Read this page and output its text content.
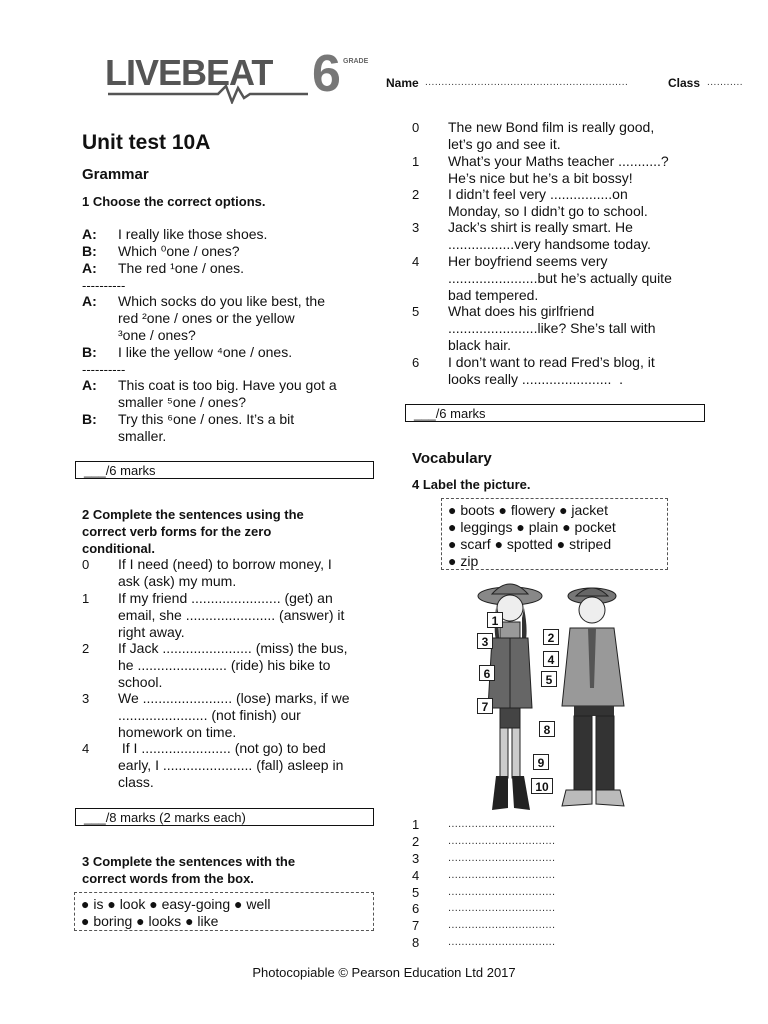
LIVEBEAT 6 GRADE
Name ..............................................................	Class ...........
Unit test 10A
Grammar
1 Choose the correct options.
A: I really like those shoes.
B: Which ⁰one / ones?
A: The red ¹one / ones.
----------
A: Which socks do you like best, the
red ²one / ones or the yellow
³one / ones?
B: I like the yellow ⁴one / ones.
----------
A: This coat is too big. Have you got a
smaller ⁵one / ones?
B: Try this ⁶one / ones. It’s a bit
smaller.
___/6 marks
2 Complete the sentences using the
correct verb forms for the zero
conditional.
0 If I need (need) to borrow money, I
ask (ask) my mum.
1 If my friend ....................... (get) an
email, she ....................... (answer) it
right away.
2 If Jack ....................... (miss) the bus,
he ....................... (ride) his bike to
school.
3 We ....................... (lose) marks, if we
....................... (not finish) our
homework on time.
4 If I ....................... (not go) to bed
early, I ....................... (fall) asleep in
class.
___/8 marks (2 marks each)
3 Complete the sentences with the
correct words from the box.
● is ● look ● easy-going ● well
● boring ● looks ● like
0 The new Bond film is really good,
let’s go and see it.
1 What’s your Maths teacher ...........?
He’s nice but he’s a bit bossy!
2 I didn’t feel very ................on
Monday, so I didn’t go to school.
3 Jack’s shirt is really smart. He
.................very handsome today.
4 Her boyfriend seems very
.......................but he’s actually quite
bad tempered.
5 What does his girlfriend
.......................like? She’s tall with
black hair.
6 I don’t want to read Fred’s blog, it
looks really .......................  .
___/6 marks
Vocabulary
4 Label the picture.
● boots ● flowery ● jacket
● leggings ● plain ● pocket
● scarf ● spotted ● striped
● zip
1
2
3
4
5
6
7
8
9
10
1	................................
2	................................
3	................................
4	................................
5	................................
6	................................
7	................................
8	................................
Photocopiable © Pearson Education Ltd 2017
